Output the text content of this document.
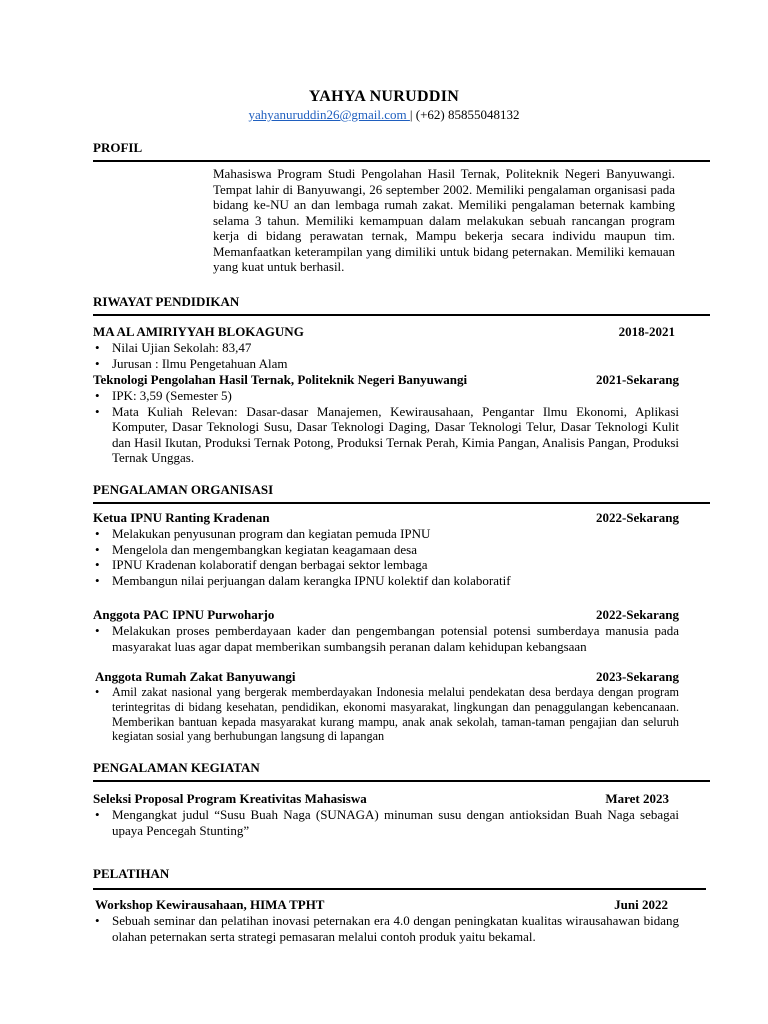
YAHYA NURUDDIN
yahyanuruddin26@gmail.com | (+62) 85855048132
PROFIL
Mahasiswa Program Studi Pengolahan Hasil Ternak, Politeknik Negeri Banyuwangi. Tempat lahir di Banyuwangi, 26 september 2002. Memiliki pengalaman organisasi pada bidang ke-NU an dan lembaga rumah zakat. Memiliki pengalaman beternak kambing selama 3 tahun. Memiliki kemampuan dalam melakukan sebuah rancangan program kerja di bidang perawatan ternak, Mampu bekerja secara individu maupun tim. Memanfaatkan keterampilan yang dimiliki untuk bidang peternakan. Memiliki kemauan yang kuat untuk berhasil.
RIWAYAT PENDIDIKAN
MA AL AMIRIYYAH BLOKAGUNG	2018-2021
• Nilai Ujian Sekolah: 83,47
• Jurusan : Ilmu Pengetahuan Alam
Teknologi Pengolahan Hasil Ternak, Politeknik Negeri Banyuwangi	2021-Sekarang
• IPK: 3,59 (Semester 5)
• Mata Kuliah Relevan: Dasar-dasar Manajemen, Kewirausahaan, Pengantar Ilmu Ekonomi, Aplikasi Komputer, Dasar Teknologi Susu, Dasar Teknologi Daging, Dasar Teknologi Telur, Dasar Teknologi Kulit dan Hasil Ikutan, Produksi Ternak Potong, Produksi Ternak Perah, Kimia Pangan, Analisis Pangan, Produksi Ternak Unggas.
PENGALAMAN ORGANISASI
Ketua IPNU Ranting Kradenan	2022-Sekarang
• Melakukan penyusunan program dan kegiatan pemuda IPNU
• Mengelola dan mengembangkan kegiatan keagamaan desa
• IPNU Kradenan kolaboratif dengan berbagai sektor lembaga
• Membangun nilai perjuangan dalam kerangka IPNU kolektif dan kolaboratif
Anggota PAC IPNU Purwoharjo	2022-Sekarang
• Melakukan proses pemberdayaan kader dan pengembangan potensial potensi sumberdaya manusia pada masyarakat luas agar dapat memberikan sumbangsih peranan dalam kehidupan kebangsaan
Anggota Rumah Zakat Banyuwangi	2023-Sekarang
• Amil zakat nasional yang bergerak memberdayakan Indonesia melalui pendekatan desa berdaya dengan program terintegritas di bidang kesehatan, pendidikan, ekonomi masyarakat, lingkungan dan penaggulangan kebencanaan. Memberikan bantuan kepada masyarakat kurang mampu, anak anak sekolah, taman-taman pengajian dan seluruh kegiatan sosial yang berhubungan langsung di lapangan
PENGALAMAN KEGIATAN
Seleksi Proposal Program Kreativitas Mahasiswa	Maret 2023
• Mengangkat judul “Susu Buah Naga (SUNAGA) minuman susu dengan antioksidan Buah Naga sebagai upaya Pencegah Stunting”
PELATIHAN
Workshop Kewirausahaan, HIMA TPHT	Juni 2022
• Sebuah seminar dan pelatihan inovasi peternakan era 4.0 dengan peningkatan kualitas wirausahawan bidang olahan peternakan serta strategi pemasaran melalui contoh produk yaitu bekamal.
